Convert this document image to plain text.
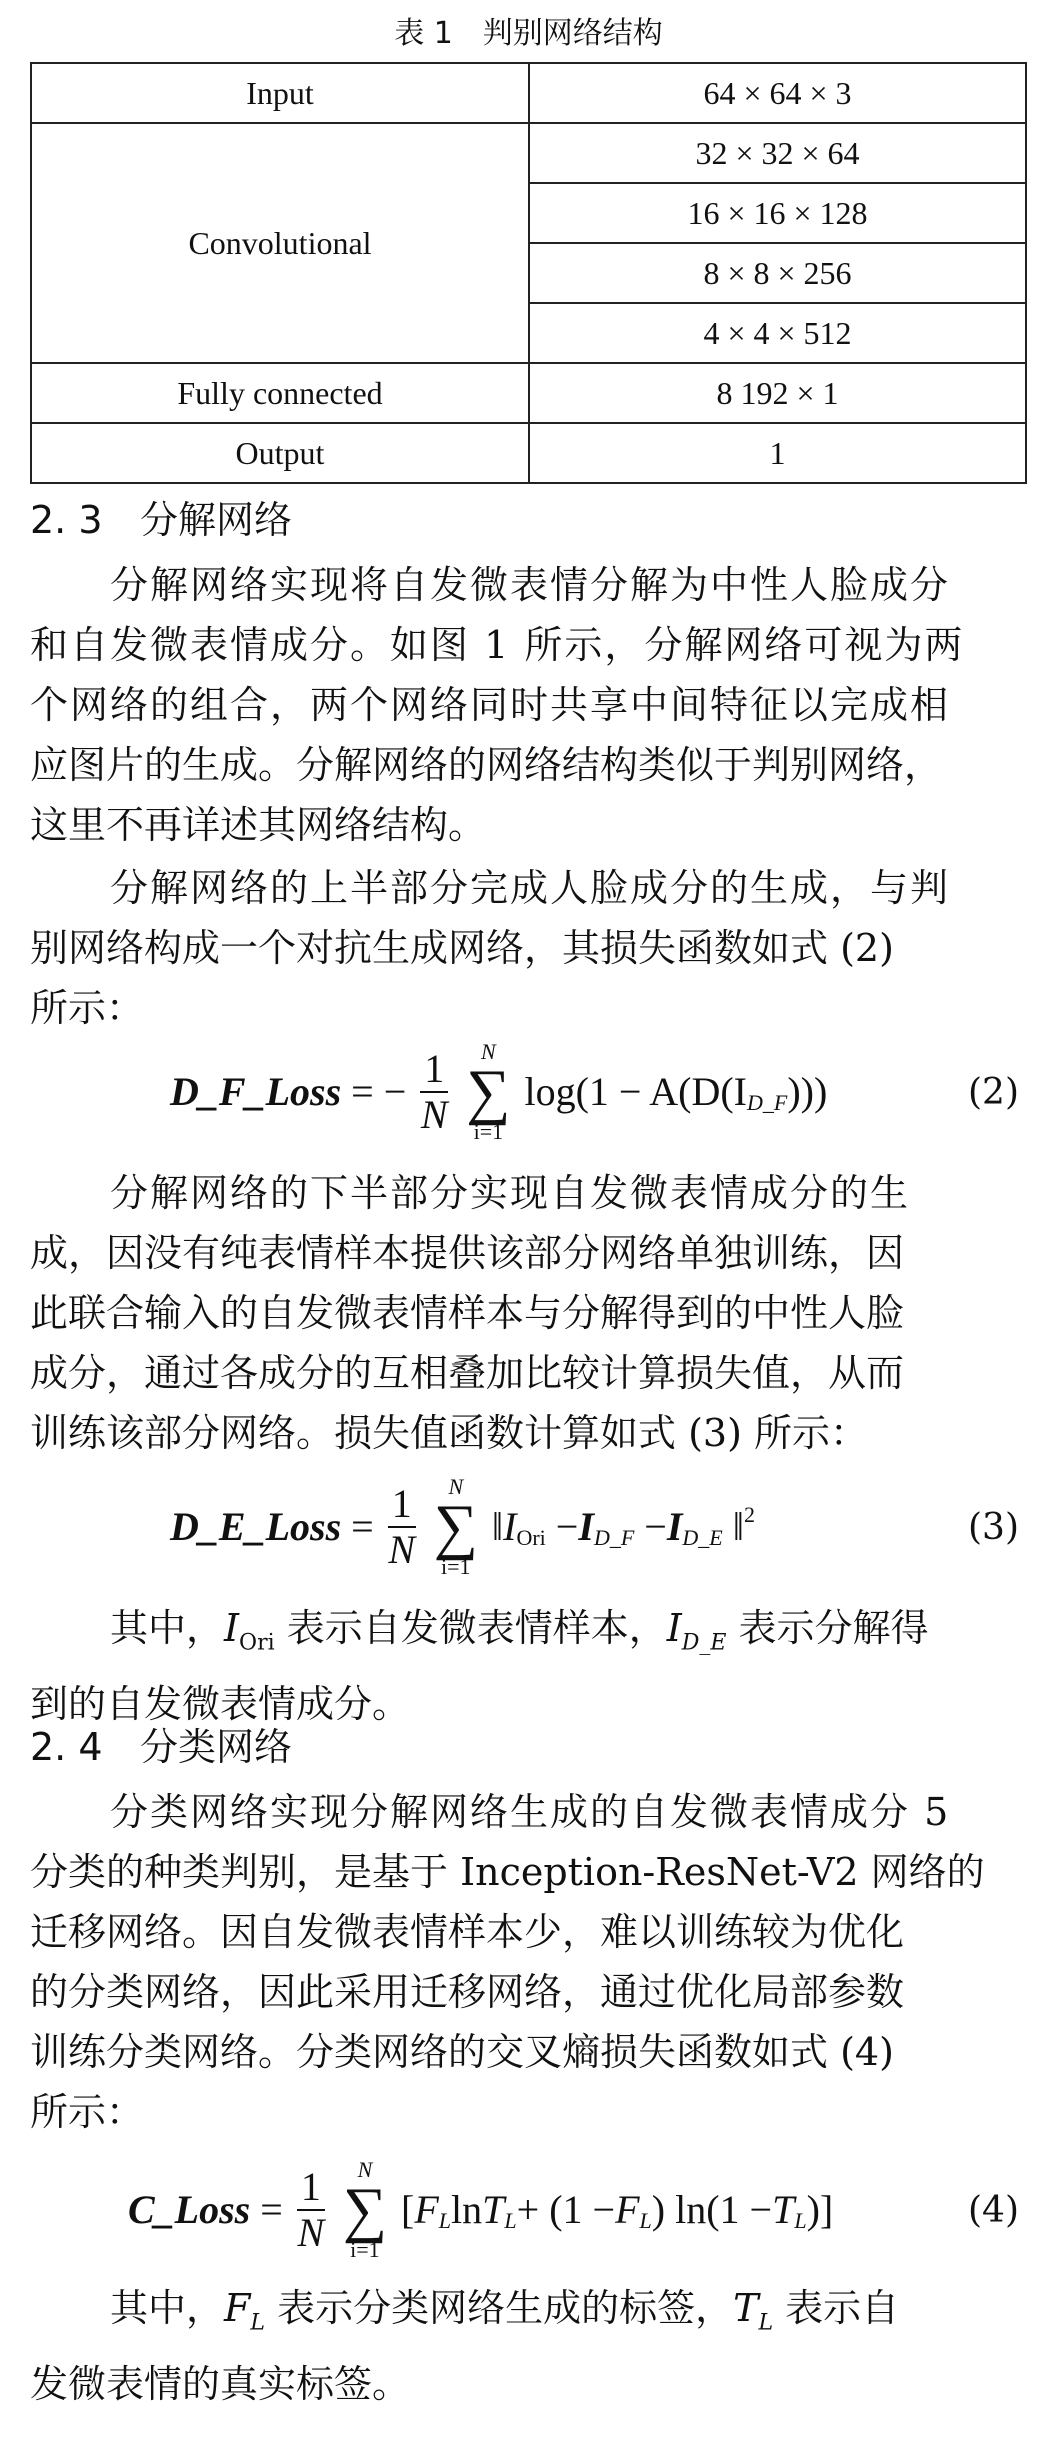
表 1　判别网络结构
Input	64 × 64 × 3
Convolutional	32 × 32 × 64
	16 × 16 × 128
	8 × 8 × 256
	4 × 4 × 512
Fully connected	8 192 × 1
Output	1
2. 3 分解网络
分解网络实现将自发微表情分解为中性人脸成分
和自发微表情成分。如图 1 所示，分解网络可视为两
个网络的组合，两个网络同时共享中间特征以完成相
应图片的生成。分解网络的网络结构类似于判别网络，
这里不再详述其网络结构。
分解网络的上半部分完成人脸成分的生成，与判
别网络构成一个对抗生成网络，其损失函数如式 (2)
所示：
D_F_Loss = − $\frac{1}{N}$
	N
∑
i=1
$\log(1 - A(D(I_{D\_F})))$	(2)
分解网络的下半部分实现自发微表情成分的生
成，因没有纯表情样本提供该部分网络单独训练，因
此联合输入的自发微表情样本与分解得到的中性人脸
成分，通过各成分的互相叠加比较计算损失值，从而
训练该部分网络。损失值函数计算如式 (3) 所示：
D_E_Loss = $\frac{1}{N}$
	N
∑
i=1
$‖I_{Ori} -I_{D\_F} -I_{D\_E}$ ‖$^2$	(3)
其中，$I_{Ori}$ 表示自发微表情样本，$I_{D\_E}$ 表示分解得
到的自发微表情成分。
2. 4 分类网络
分类网络实现分解网络生成的自发微表情成分 5
分类的种类判别，是基于 Inception-ResNet-V2 网络的
迁移网络。因自发微表情样本少，难以训练较为优化
的分类网络，因此采用迁移网络，通过优化局部参数
训练分类网络。分类网络的交叉熵损失函数如式 (4)
所示：
C_Loss = $\frac{1}{N}$
	N
∑
i=1
[$F_L\ln T_L+ (1 -F_L)$ $\ln(1 -T_L)$]	(4)
其中，$F_L$ 表示分类网络生成的标签，$T_L$ 表示自
发微表情的真实标签。
